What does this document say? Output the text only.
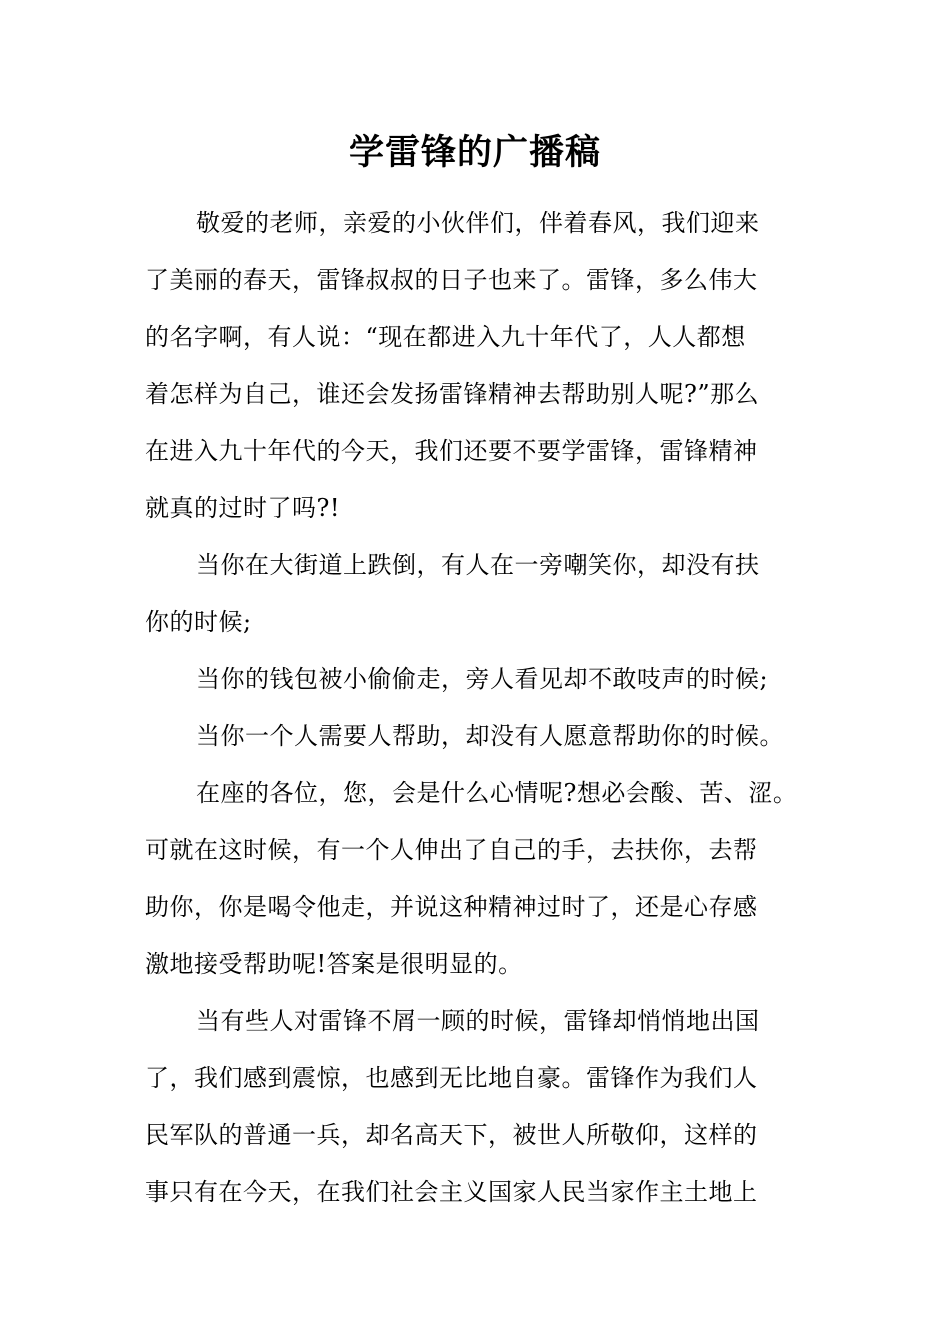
学雷锋的广播稿
敬爱的老师，亲爱的小伙伴们，伴着春风，我们迎来
了美丽的春天，雷锋叔叔的日子也来了。雷锋，多么伟大
的名字啊，有人说：“现在都进入九十年代了，人人都想
着怎样为自己，谁还会发扬雷锋精神去帮助别人呢?”那么
在进入九十年代的今天，我们还要不要学雷锋，雷锋精神
就真的过时了吗?!
当你在大街道上跌倒，有人在一旁嘲笑你，却没有扶
你的时候;
当你的钱包被小偷偷走，旁人看见却不敢吱声的时候;
当你一个人需要人帮助，却没有人愿意帮助你的时候。
在座的各位，您，会是什么心情呢?想必会酸、苦、涩。
可就在这时候，有一个人伸出了自己的手，去扶你，去帮
助你，你是喝令他走，并说这种精神过时了，还是心存感
激地接受帮助呢!答案是很明显的。
当有些人对雷锋不屑一顾的时候，雷锋却悄悄地出国
了，我们感到震惊，也感到无比地自豪。雷锋作为我们人
民军队的普通一兵，却名高天下，被世人所敬仰，这样的
事只有在今天，在我们社会主义国家人民当家作主土地上
